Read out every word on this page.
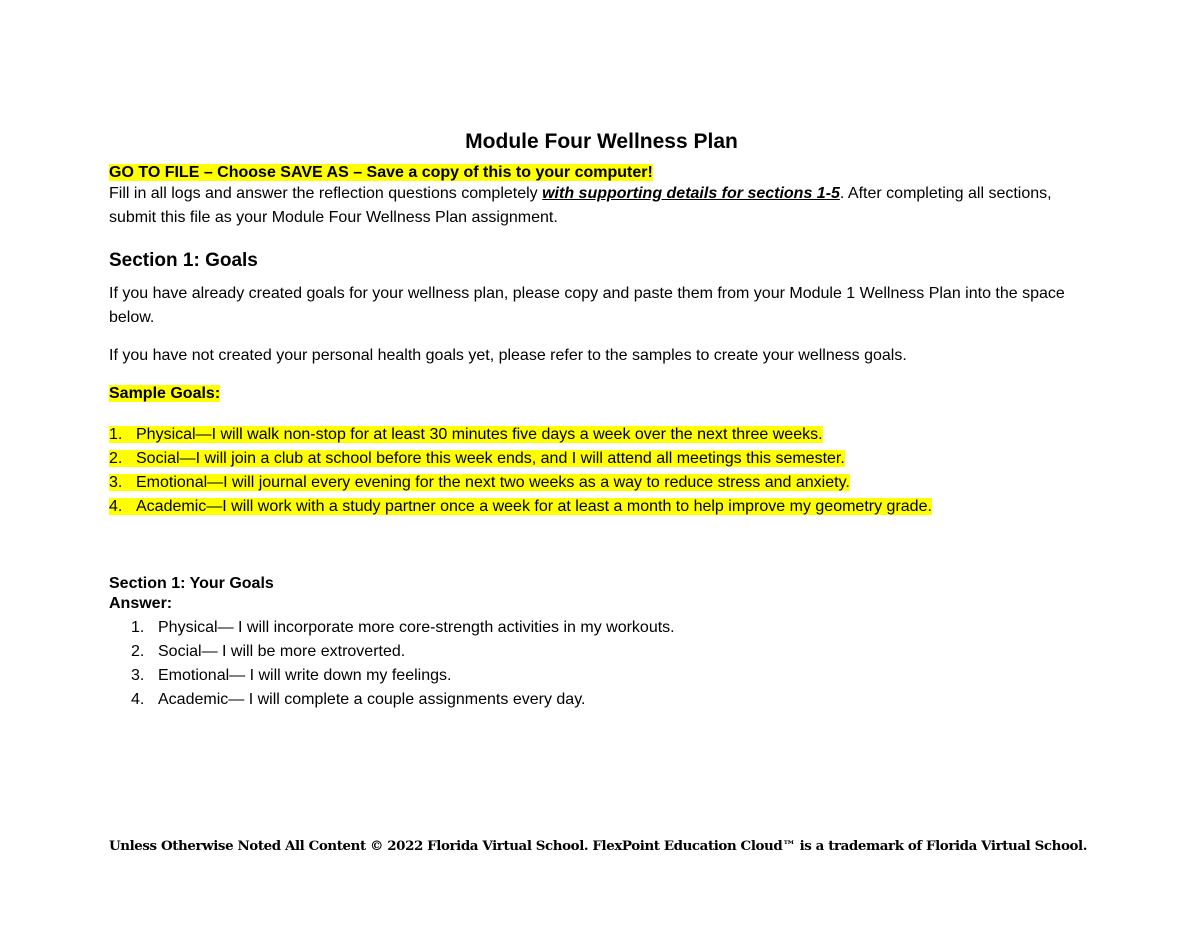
Module Four Wellness Plan
GO TO FILE – Choose SAVE AS – Save a copy of this to your computer!

Fill in all logs and answer the reflection questions completely with supporting details for sections 1-5. After completing all sections, submit this file as your Module Four Wellness Plan assignment.

Section 1: Goals

If you have already created goals for your wellness plan, please copy and paste them from your Module 1 Wellness Plan into the space below.

If you have not created your personal health goals yet, please refer to the samples to create your wellness goals.

Sample Goals:
1. Physical—I will walk non-stop for at least 30 minutes five days a week over the next three weeks.
2. Social—I will join a club at school before this week ends, and I will attend all meetings this semester.
3. Emotional—I will journal every evening for the next two weeks as a way to reduce stress and anxiety.
4. Academic—I will work with a study partner once a week for at least a month to help improve my geometry grade.
Section 1: Your Goals
Answer:
1. Physical— I will incorporate more core-strength activities in my workouts.
2. Social— I will be more extroverted.
3. Emotional— I will write down my feelings.
4. Academic— I will complete a couple assignments every day.
Unless Otherwise Noted All Content © 2022 Florida Virtual School. FlexPoint Education Cloud™ is a trademark of Florida Virtual School.
